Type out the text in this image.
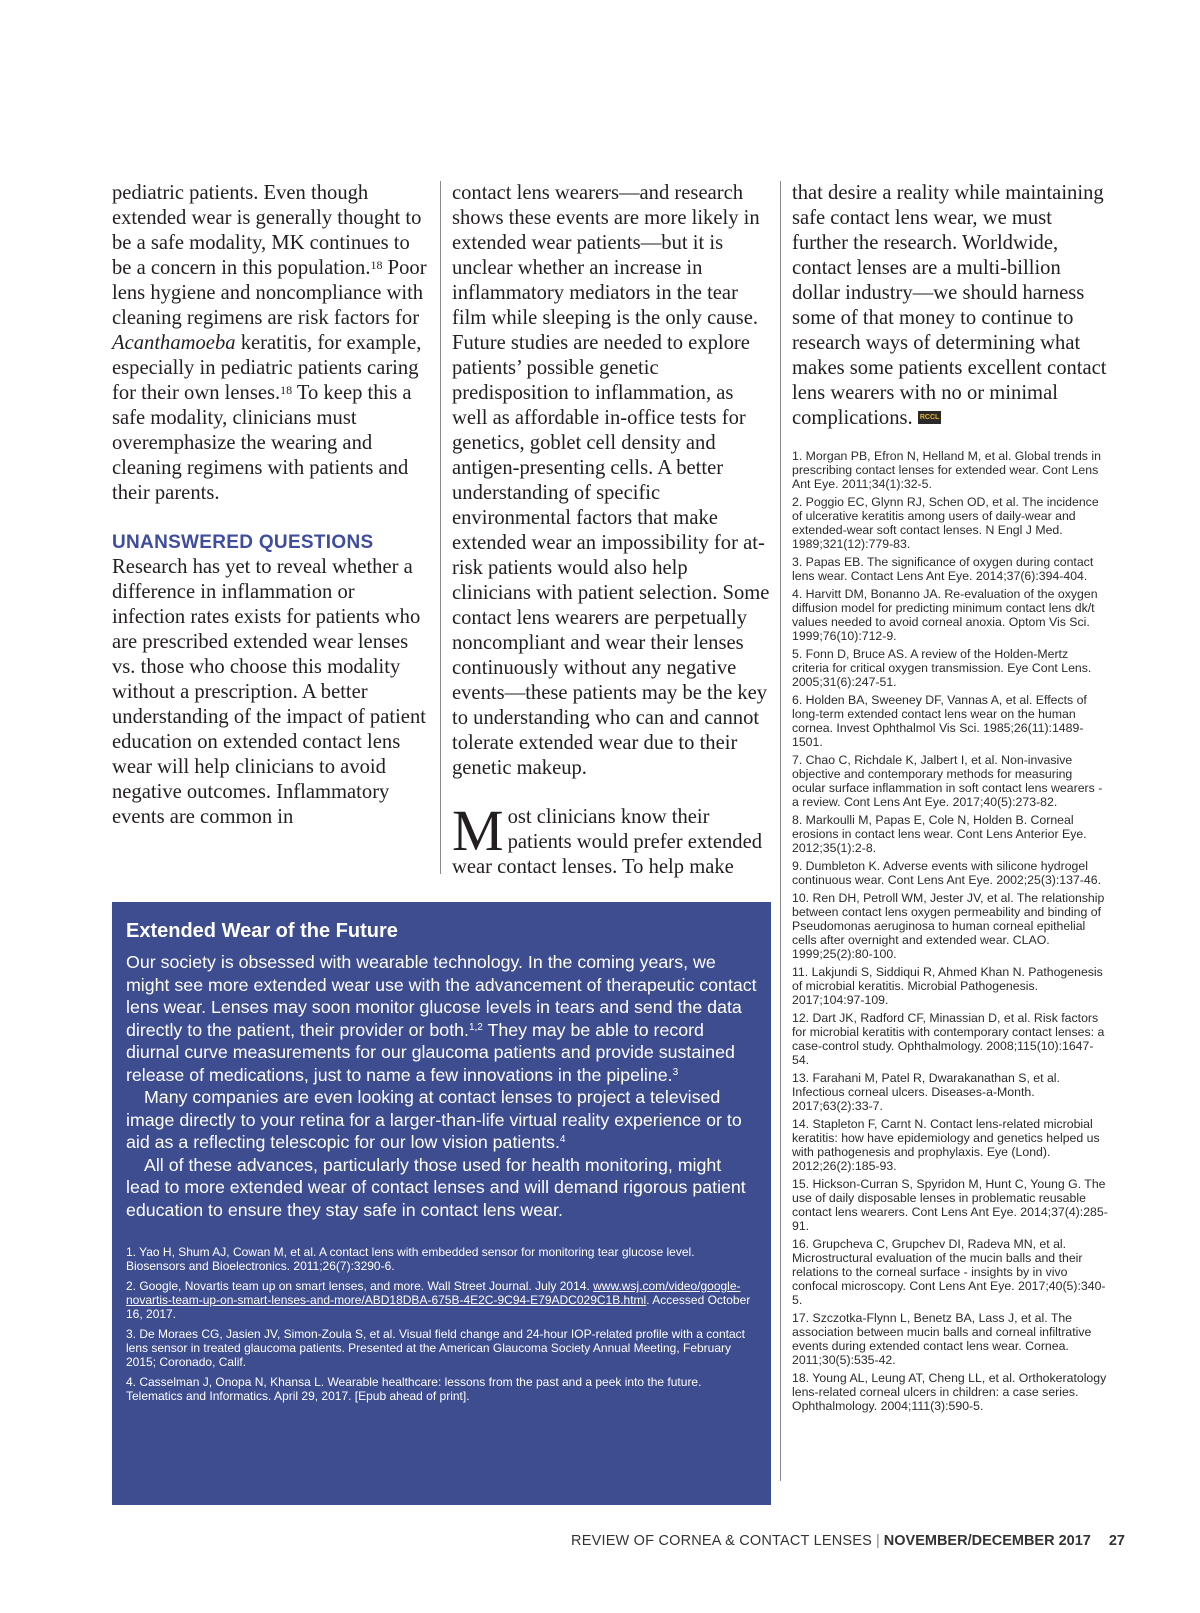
pediatric patients. Even though extended wear is generally thought to be a safe modality, MK continues to be a concern in this population.$^{18}$ Poor lens hygiene and noncompliance with cleaning regimens are risk factors for Acanthamoeba keratitis, for example, especially in pediatric patients caring for their own lenses.$^{18}$ To keep this a safe modality, clinicians must overemphasize the wearing and cleaning regimens with patients and their parents.

UNANSWERED QUESTIONS

Research has yet to reveal whether a difference in inflammation or infection rates exists for patients who are prescribed extended wear lenses vs. those who choose this modality without a prescription. A better understanding of the impact of patient education on extended contact lens wear will help clinicians to avoid negative outcomes. Inflammatory events are common in

contact lens wearers—and research shows these events are more likely in extended wear patients—but it is unclear whether an increase in inflammatory mediators in the tear film while sleeping is the only cause. Future studies are needed to explore patients’ possible genetic predisposition to inflammation, as well as affordable in-office tests for genetics, goblet cell density and antigen-presenting cells. A better understanding of specific environmental factors that make extended wear an impossibility for at-risk patients would also help clinicians with patient selection. Some contact lens wearers are perpetually noncompliant and wear their lenses continuously without any negative events—these patients may be the key to understanding who can and cannot tolerate extended wear due to their genetic makeup.

Most clinicians know their patients would prefer extended wear contact lenses. To help make

that desire a reality while maintaining safe contact lens wear, we must further the research. Worldwide, contact lenses are a multi-billion dollar industry—we should harness some of that money to continue to research ways of determining what makes some patients excellent contact lens wearers with no or minimal complications. RCCL

1. Morgan PB, Efron N, Helland M, et al. Global trends in prescribing contact lenses for extended wear. Cont Lens Ant Eye. 2011;34(1):32-5.
2. Poggio EC, Glynn RJ, Schen OD, et al. The incidence of ulcerative keratitis among users of daily-wear and extended-wear soft contact lenses. N Engl J Med. 1989;321(12):779-83.
3. Papas EB. The significance of oxygen during contact lens wear. Contact Lens Ant Eye. 2014;37(6):394-404.
4. Harvitt DM, Bonanno JA. Re-evaluation of the oxygen diffusion model for predicting minimum contact lens dk/t values needed to avoid corneal anoxia. Optom Vis Sci. 1999;76(10):712-9.
5. Fonn D, Bruce AS. A review of the Holden-Mertz criteria for critical oxygen transmission. Eye Cont Lens. 2005;31(6):247-51.
6. Holden BA, Sweeney DF, Vannas A, et al. Effects of long-term extended contact lens wear on the human cornea. Invest Ophthalmol Vis Sci. 1985;26(11):1489-1501.
7. Chao C, Richdale K, Jalbert I, et al. Non-invasive objective and contemporary methods for measuring ocular surface inflammation in soft contact lens wearers - a review. Cont Lens Ant Eye. 2017;40(5):273-82.
8. Markoulli M, Papas E, Cole N, Holden B. Corneal erosions in contact lens wear. Cont Lens Anterior Eye. 2012;35(1):2-8.
9. Dumbleton K. Adverse events with silicone hydrogel continuous wear. Cont Lens Ant Eye. 2002;25(3):137-46.
10. Ren DH, Petroll WM, Jester JV, et al. The relationship between contact lens oxygen permeability and binding of Pseudomonas aeruginosa to human corneal epithelial cells after overnight and extended wear. CLAO. 1999;25(2):80-100.
11. Lakjundi S, Siddiqui R, Ahmed Khan N. Pathogenesis of microbial keratitis. Microbial Pathogenesis. 2017;104:97-109.
12. Dart JK, Radford CF, Minassian D, et al. Risk factors for microbial keratitis with contemporary contact lenses: a case-control study. Ophthalmology. 2008;115(10):1647-54.
13. Farahani M, Patel R, Dwarakanathan S, et al. Infectious corneal ulcers. Diseases-a-Month. 2017;63(2):33-7.
14. Stapleton F, Carnt N. Contact lens-related microbial keratitis: how have epidemiology and genetics helped us with pathogenesis and prophylaxis. Eye (Lond). 2012;26(2):185-93.
15. Hickson-Curran S, Spyridon M, Hunt C, Young G. The use of daily disposable lenses in problematic reusable contact lens wearers. Cont Lens Ant Eye. 2014;37(4):285-91.
16. Grupcheva C, Grupchev DI, Radeva MN, et al. Microstructural evaluation of the mucin balls and their relations to the corneal surface - insights by in vivo confocal microscopy. Cont Lens Ant Eye. 2017;40(5):340-5.
17. Szczotka-Flynn L, Benetz BA, Lass J, et al. The association between mucin balls and corneal infiltrative events during extended contact lens wear. Cornea. 2011;30(5):535-42.
18. Young AL, Leung AT, Cheng LL, et al. Orthokeratology lens-related corneal ulcers in children: a case series. Ophthalmology. 2004;111(3):590-5.
Extended Wear of the Future

Our society is obsessed with wearable technology. In the coming years, we might see more extended wear use with the advancement of therapeutic contact lens wear. Lenses may soon monitor glucose levels in tears and send the data directly to the patient, their provider or both.$^{1,2}$ They may be able to record diurnal curve measurements for our glaucoma patients and provide sustained release of medications, just to name a few innovations in the pipeline.$^3$

Many companies are even looking at contact lenses to project a televised image directly to your retina for a larger-than-life virtual reality experience or to aid as a reflecting telescopic for our low vision patients.$^4$

All of these advances, particularly those used for health monitoring, might lead to more extended wear of contact lenses and will demand rigorous patient education to ensure they stay safe in contact lens wear.

1. Yao H, Shum AJ, Cowan M, et al. A contact lens with embedded sensor for monitoring tear glucose level. Biosensors and Bioelectronics. 2011;26(7):3290-6.
2. Google, Novartis team up on smart lenses, and more. Wall Street Journal. July 2014. www.wsj.com/video/google-novartis-team-up-on-smart-lenses-and-more/ABD18DBA-675B-4E2C-9C94-E79ADC029C1B.html. Accessed October 16, 2017.
3. De Moraes CG, Jasien JV, Simon-Zoula S, et al. Visual field change and 24-hour IOP-related profile with a contact lens sensor in treated glaucoma patients. Presented at the American Glaucoma Society Annual Meeting, February 2015; Coronado, Calif.
4. Casselman J, Onopa N, Khansa L. Wearable healthcare: lessons from the past and a peek into the future. Telematics and Informatics. April 29, 2017. [Epub ahead of print].
REVIEW OF CORNEA & CONTACT LENSES | NOVEMBER/DECEMBER 2017 27
